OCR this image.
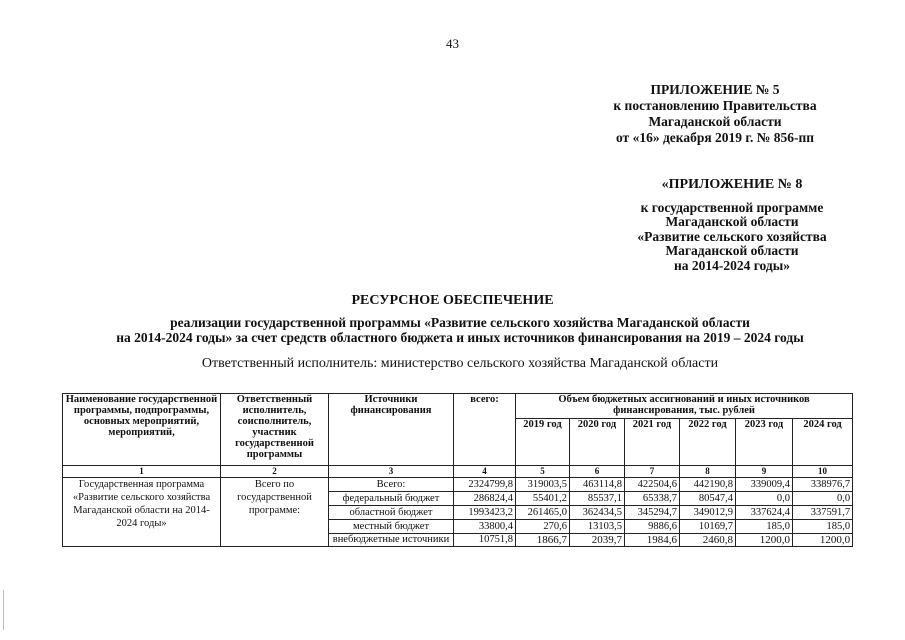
43
ПРИЛОЖЕНИЕ № 5
к постановлению Правительства
Магаданской области
от «16» декабря 2019 г. № 856-пп
«ПРИЛОЖЕНИЕ № 8
к государственной программе
Магаданской области
«Развитие сельского хозяйства
Магаданской области
на 2014-2024 годы»
РЕСУРСНОЕ ОБЕСПЕЧЕНИЕ
реализации государственной программы «Развитие сельского хозяйства Магаданской области
на 2014-2024 годы» за счет средств областного бюджета и иных источников финансирования на 2019 – 2024 годы
Ответственный исполнитель: министерство сельского хозяйства Магаданской области
Наименование государственной программы, подпрограммы, основных мероприятий, мероприятий,	Ответственный исполнитель, соисполнитель, участник государственной программы	Источники финансирования	всего:	Объем бюджетных ассигнований и иных источников финансирования, тыс. рублей					
				2019 год	2020 год	2021 год	2022 год	2023 год	2024 год
1	2	3	4	5	6	7	8	9	10
Государственная программа «Развитие сельского хозяйства Магаданской области на 2014-2024 годы»	Всего по государственной программе:	Всего:	2324799,8	319003,5	463114,8	422504,6	442190,8	339009,4	338976,7
		федеральный бюджет	286824,4	55401,2	85537,1	65338,7	80547,4	0,0	0,0
		областной бюджет	1993423,2	261465,0	362434,5	345294,7	349012,9	337624,4	337591,7
		местный бюджет	33800,4	270,6	13103,5	9886,6	10169,7	185,0	185,0
		внебюджетные источники	10751,8	1866,7	2039,7	1984,6	2460,8	1200,0	1200,0
